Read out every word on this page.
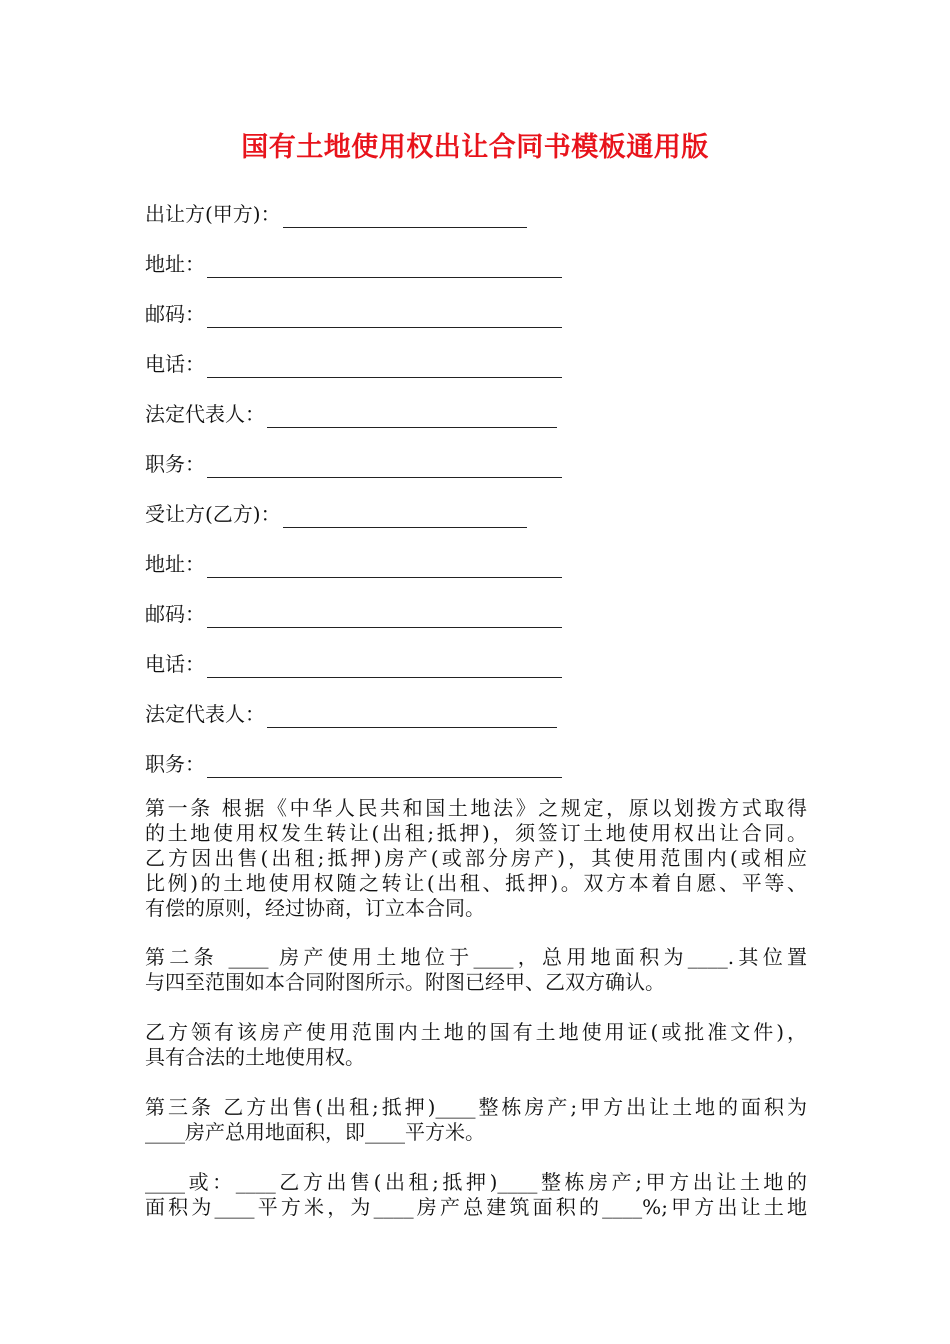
国有土地使用权出让合同书模板通用版
出让方(甲方)：
地址：
邮码：
电话：
法定代表人：
职务：
受让方(乙方)：
地址：
邮码：
电话：
法定代表人：
职务：
第一条 根据《中华人民共和国土地法》之规定，原以划拨方式取得
的土地使用权发生转让(出租;抵押)，须签订土地使用权出让合同。
乙方因出售(出租;抵押)房产(或部分房产)，其使用范围内(或相应
比例)的土地使用权随之转让(出租、抵押)。双方本着自愿、平等、
有偿的原则，经过协商，订立本合同。
第二条 ____ 房产使用土地位于____，总用地面积为____.其位置
与四至范围如本合同附图所示。附图已经甲、乙双方确认。
乙方领有该房产使用范围内土地的国有土地使用证(或批准文件)，
具有合法的土地使用权。
第三条 乙方出售(出租;抵押)____整栋房产;甲方出让土地的面积为
____房产总用地面积，即____平方米。
____或：____乙方出售(出租;抵押)____整栋房产;甲方出让土地的
面积为____平方米，为____房产总建筑面积的____%;甲方出让土地
